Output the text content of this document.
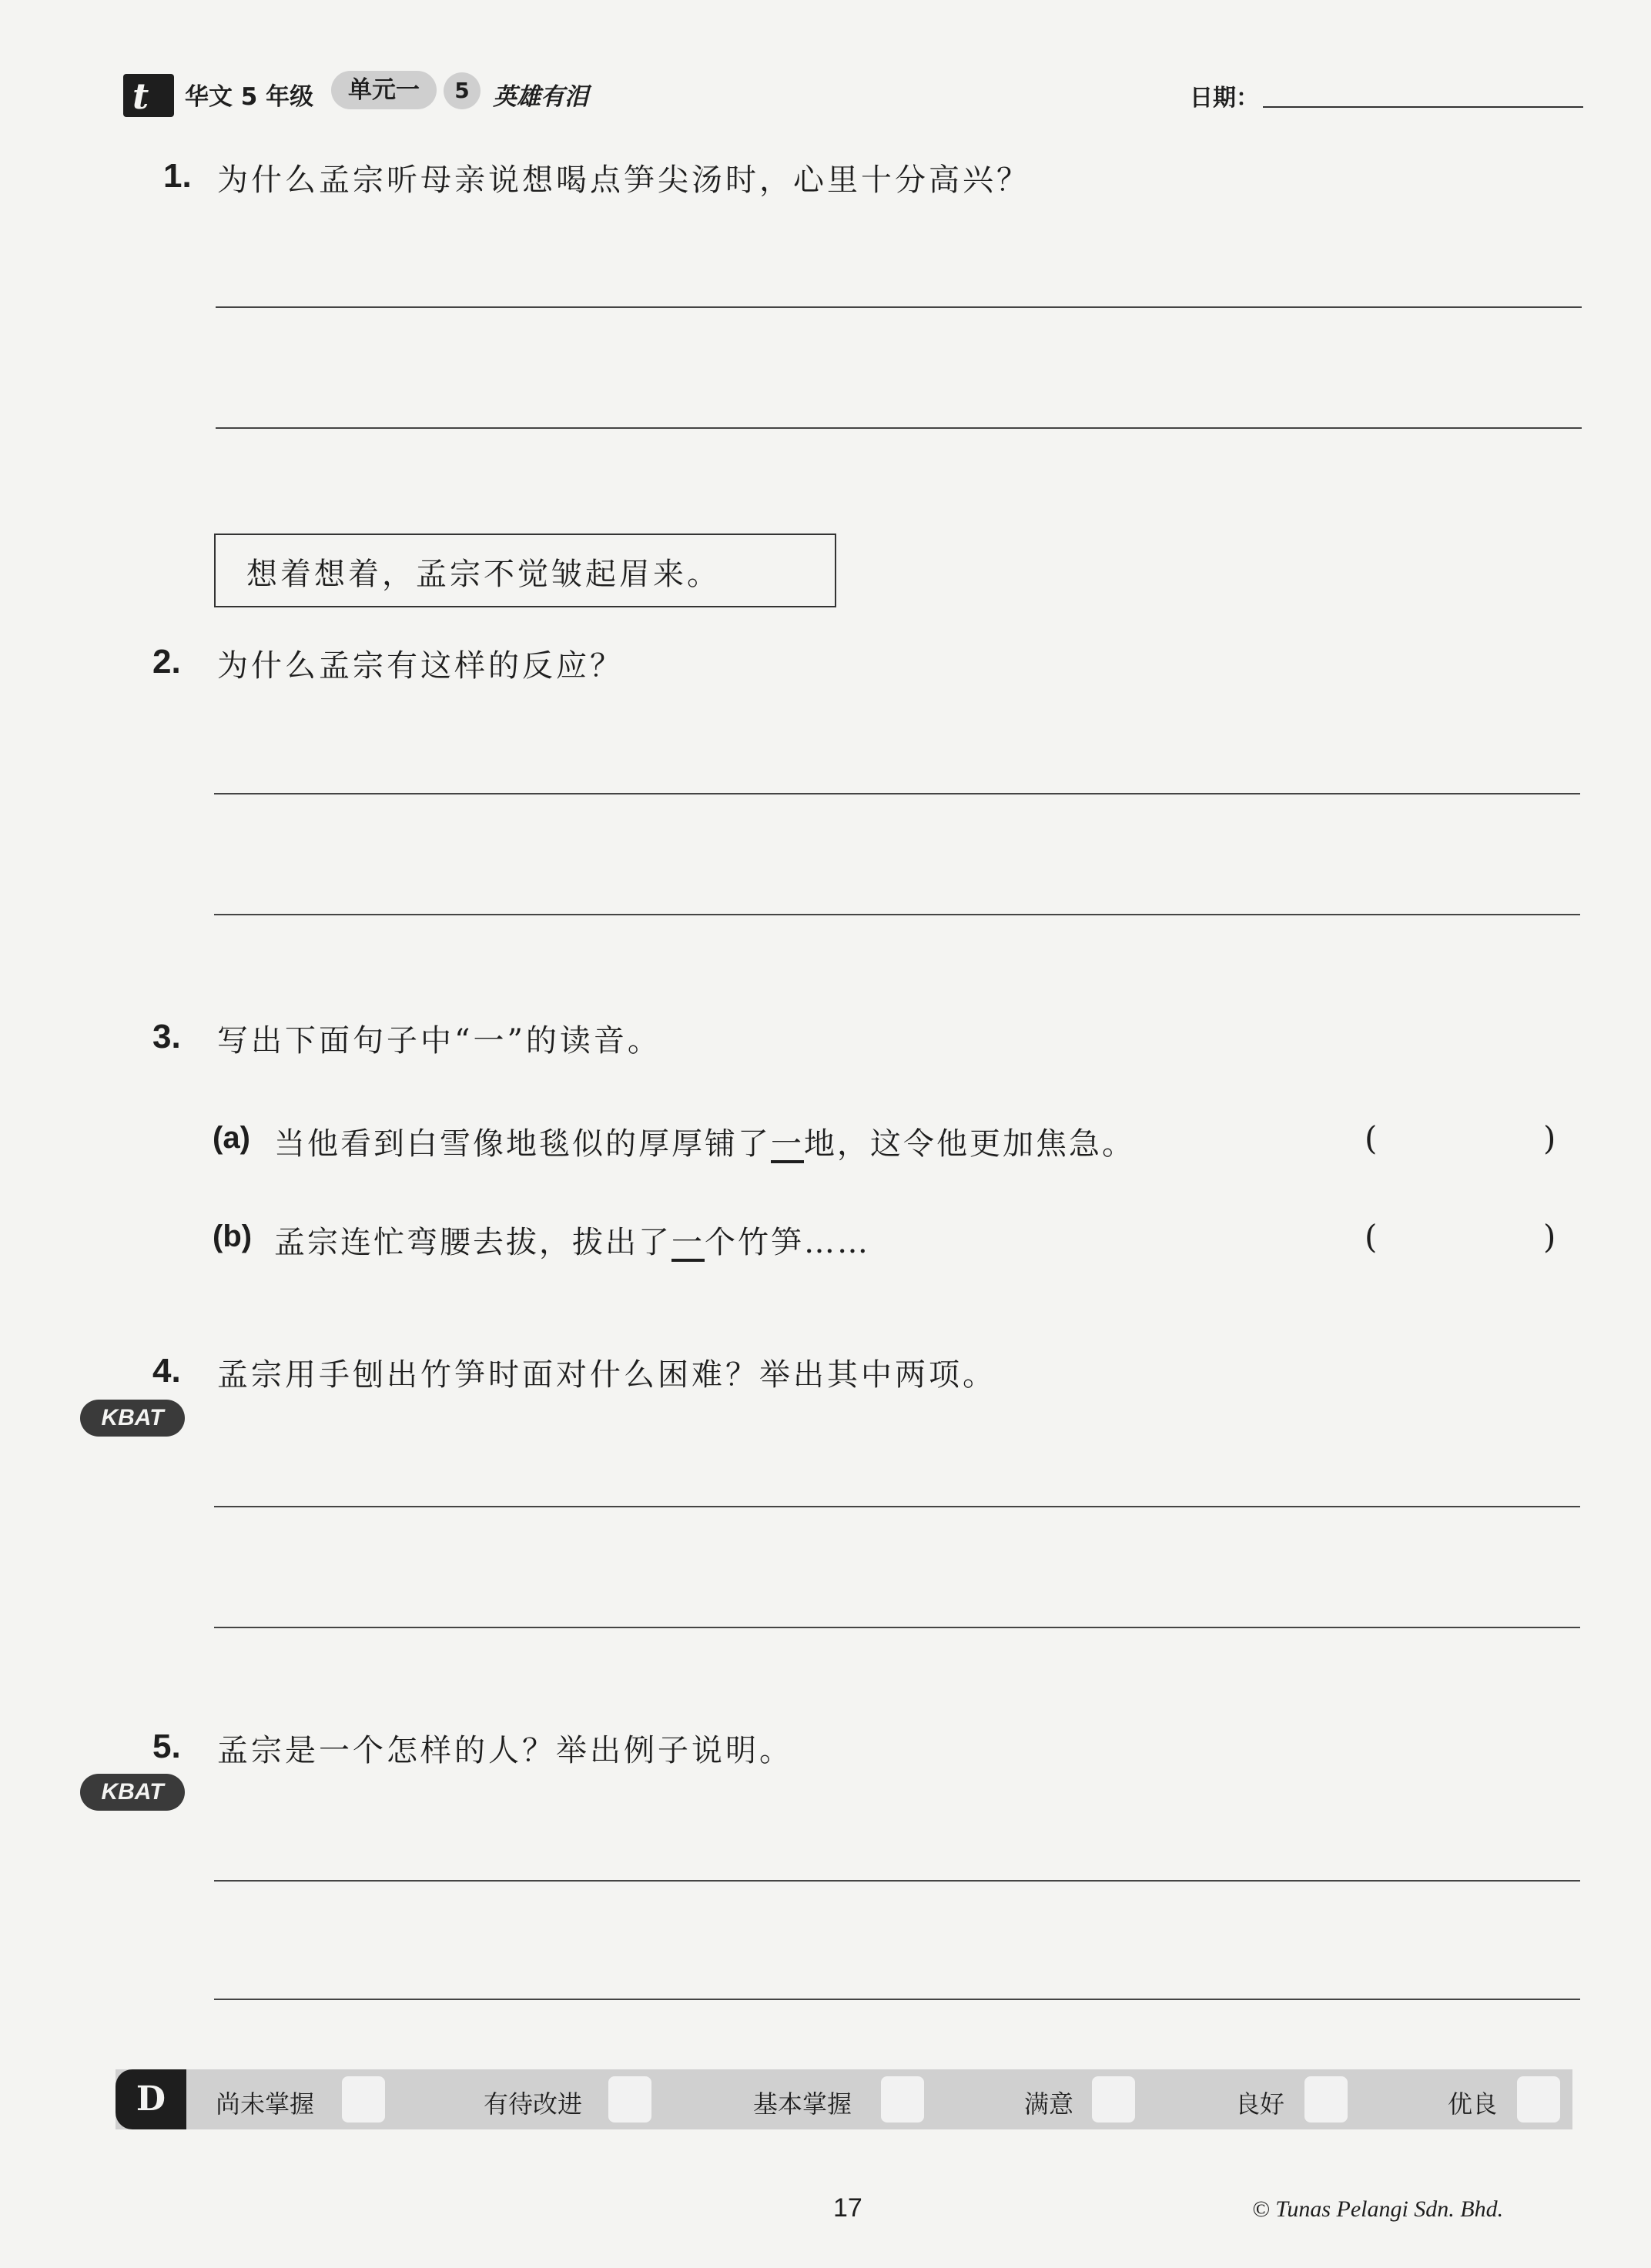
t 华文 5 年级	单元一	5 英雄有泪	日期：
1. 为什么孟宗听母亲说想喝点笋尖汤时，心里十分高兴？
想着想着，孟宗不觉皱起眉来。
2. 为什么孟宗有这样的反应？
3. 写出下面句子中“一”的读音。
(a) 当他看到白雪像地毯似的厚厚铺了一地，这令他更加焦急。	(	)
(b) 孟宗连忙弯腰去拔，拔出了一个竹笋……	(	)
4. 孟宗用手刨出竹笋时面对什么困难？举出其中两项。
KBAT
5. 孟宗是一个怎样的人？举出例子说明。
KBAT
D	尚未掌握	有待改进	基本掌握	满意	良好	优良
17	© Tunas Pelangi Sdn. Bhd.
